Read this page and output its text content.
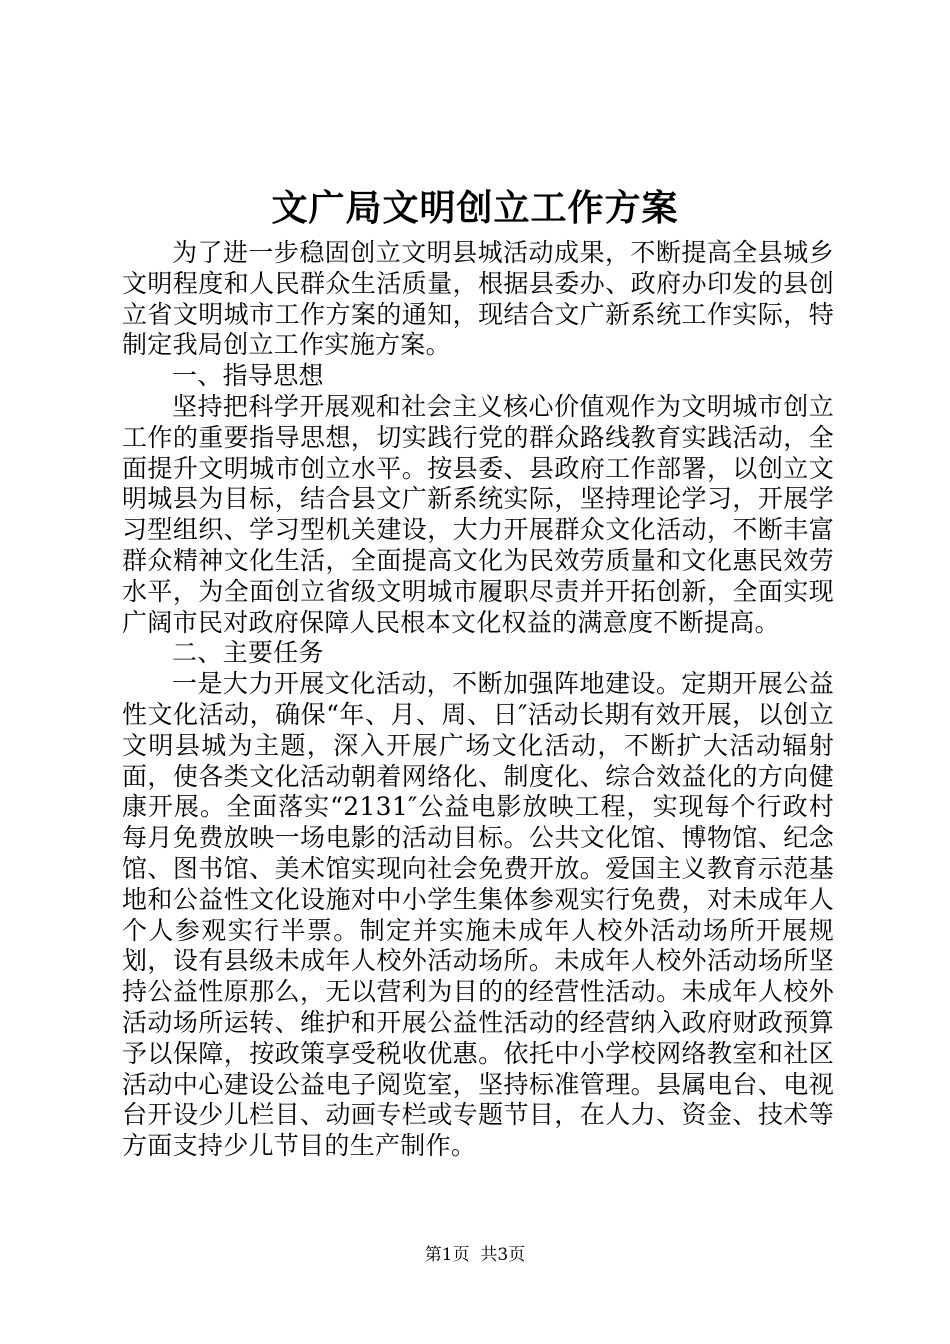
文广局文明创立工作方案

为了进一步稳固创立文明县城活动成果，不断提高全县城乡文明程度和人民群众生活质量，根据县委办、政府办印发的县创立省文明城市工作方案的通知，现结合文广新系统工作实际，特制定我局创立工作实施方案。

一、指导思想

坚持把科学开展观和社会主义核心价值观作为文明城市创立工作的重要指导思想，切实践行党的群众路线教育实践活动，全面提升文明城市创立水平。按县委、县政府工作部署，以创立文明城县为目标，结合县文广新系统实际，坚持理论学习，开展学习型组织、学习型机关建设，大力开展群众文化活动，不断丰富群众精神文化生活，全面提高文化为民效劳质量和文化惠民效劳水平，为全面创立省级文明城市履职尽责并开拓创新，全面实现广阔市民对政府保障人民根本文化权益的满意度不断提高。

二、主要任务

一是大力开展文化活动，不断加强阵地建设。定期开展公益性文化活动，确保“年、月、周、日″活动长期有效开展，以创立文明县城为主题，深入开展广场文化活动，不断扩大活动辐射面，使各类文化活动朝着网络化、制度化、综合效益化的方向健康开展。全面落实“2131″公益电影放映工程，实现每个行政村每月免费放映一场电影的活动目标。公共文化馆、博物馆、纪念馆、图书馆、美术馆实现向社会免费开放。爱国主义教育示范基地和公益性文化设施对中小学生集体参观实行免费，对未成年人个人参观实行半票。制定并实施未成年人校外活动场所开展规划，设有县级未成年人校外活动场所。未成年人校外活动场所坚持公益性原那么，无以营利为目的的经营性活动。未成年人校外活动场所运转、维护和开展公益性活动的经营纳入政府财政预算予以保障，按政策享受税收优惠。依托中小学校网络教室和社区活动中心建设公益电子阅览室，坚持标准管理。县属电台、电视台开设少儿栏目、动画专栏或专题节目，在人力、资金、技术等方面支持少儿节目的生产制作。

第1页  共3页
